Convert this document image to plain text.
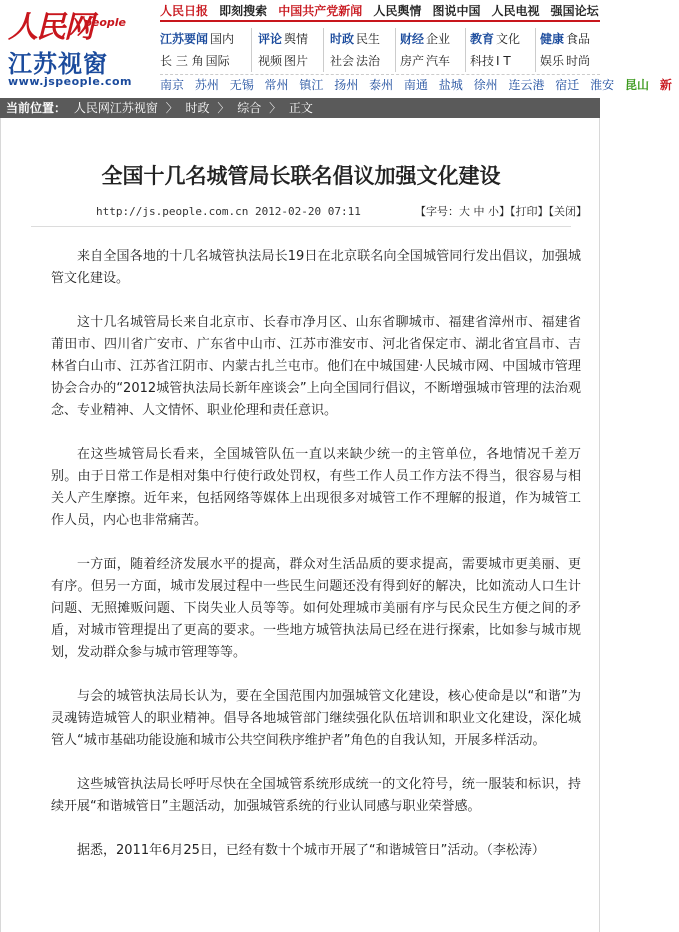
人民网
people
江苏视窗
www.jspeople.com
人民日报 即刻搜索 中国共产党新闻 人民舆情 图说中国 人民电视 强国论坛
江苏要闻 国内
长 三 角 国际
评论 舆情
视频 图片
时政 民生
社会 法治
财经 企业
房产 汽车
教育 文化
科技 I T
健康 食品
娱乐 时尚
南京 苏州 无锡 常州 镇江 扬州 泰州 南通 盐城 徐州 连云港 宿迁 淮安 昆山 新
当前位置： 人民网江苏视窗 〉 时政 〉 综合 〉 正文
全国十几名城管局长联名倡议加强文化建设
http://js.people.com.cn 2012-02-20 07:11	【字号：大 中 小】【打印】【关闭】

来自全国各地的十几名城管执法局长19日在北京联名向全国城管同行发出倡议，加强城管文化建设。

这十几名城管局长来自北京市、长春市净月区、山东省聊城市、福建省漳州市、福建省莆田市、四川省广安市、广东省中山市、江苏市淮安市、河北省保定市、湖北省宜昌市、吉林省白山市、江苏省江阴市、内蒙古扎兰屯市。他们在中城国建·人民城市网、中国城市管理协会合办的“2012城管执法局长新年座谈会”上向全国同行倡议，不断增强城市管理的法治观念、专业精神、人文情怀、职业伦理和责任意识。

在这些城管局长看来，全国城管队伍一直以来缺少统一的主管单位，各地情况千差万别。由于日常工作是相对集中行使行政处罚权，有些工作人员工作方法不得当，很容易与相关人产生摩擦。近年来，包括网络等媒体上出现很多对城管工作不理解的报道，作为城管工作人员，内心也非常痛苦。

一方面，随着经济发展水平的提高，群众对生活品质的要求提高，需要城市更美丽、更有序。但另一方面，城市发展过程中一些民生问题还没有得到好的解决，比如流动人口生计问题、无照摊贩问题、下岗失业人员等等。如何处理城市美丽有序与民众民生方便之间的矛盾，对城市管理提出了更高的要求。一些地方城管执法局已经在进行探索，比如参与城市规划，发动群众参与城市管理等等。

与会的城管执法局长认为，要在全国范围内加强城管文化建设，核心使命是以“和谐”为灵魂铸造城管人的职业精神。倡导各地城管部门继续强化队伍培训和职业文化建设，深化城管人“城市基础功能设施和城市公共空间秩序维护者”角色的自我认知，开展多样活动。

这些城管执法局长呼吁尽快在全国城管系统形成统一的文化符号，统一服装和标识，持续开展“和谐城管日”主题活动，加强城管系统的行业认同感与职业荣誉感。

据悉，2011年6月25日，已经有数十个城市开展了“和谐城管日”活动。（李松涛）
